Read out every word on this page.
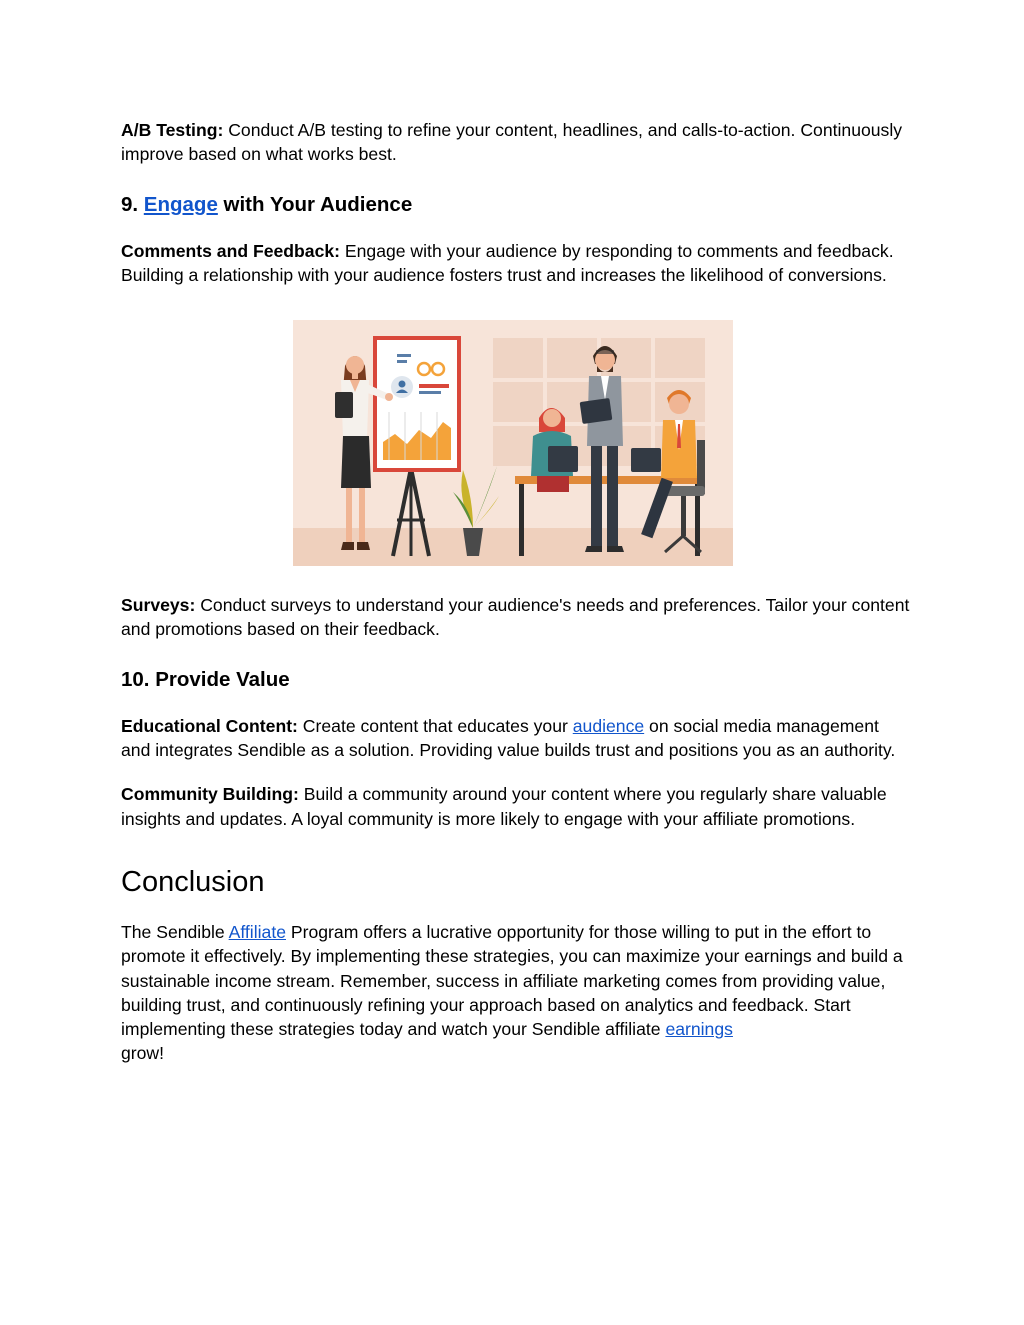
A/B Testing: Conduct A/B testing to refine your content, headlines, and calls-to-action. Continuously improve based on what works best.

9. Engage with Your Audience

Comments and Feedback: Engage with your audience by responding to comments and feedback. Building a relationship with your audience fosters trust and increases the likelihood of conversions.

Surveys: Conduct surveys to understand your audience's needs and preferences. Tailor your content and promotions based on their feedback.

10. Provide Value

Educational Content: Create content that educates your audience on social media management and integrates Sendible as a solution. Providing value builds trust and positions you as an authority.

Community Building: Build a community around your content where you regularly share valuable insights and updates. A loyal community is more likely to engage with your affiliate promotions.

Conclusion

The Sendible Affiliate Program offers a lucrative opportunity for those willing to put in the effort to promote it effectively. By implementing these strategies, you can maximize your earnings and build a sustainable income stream. Remember, success in affiliate marketing comes from providing value, building trust, and continuously refining your approach based on analytics and feedback. Start implementing these strategies today and watch your Sendible affiliate earnings
grow!
